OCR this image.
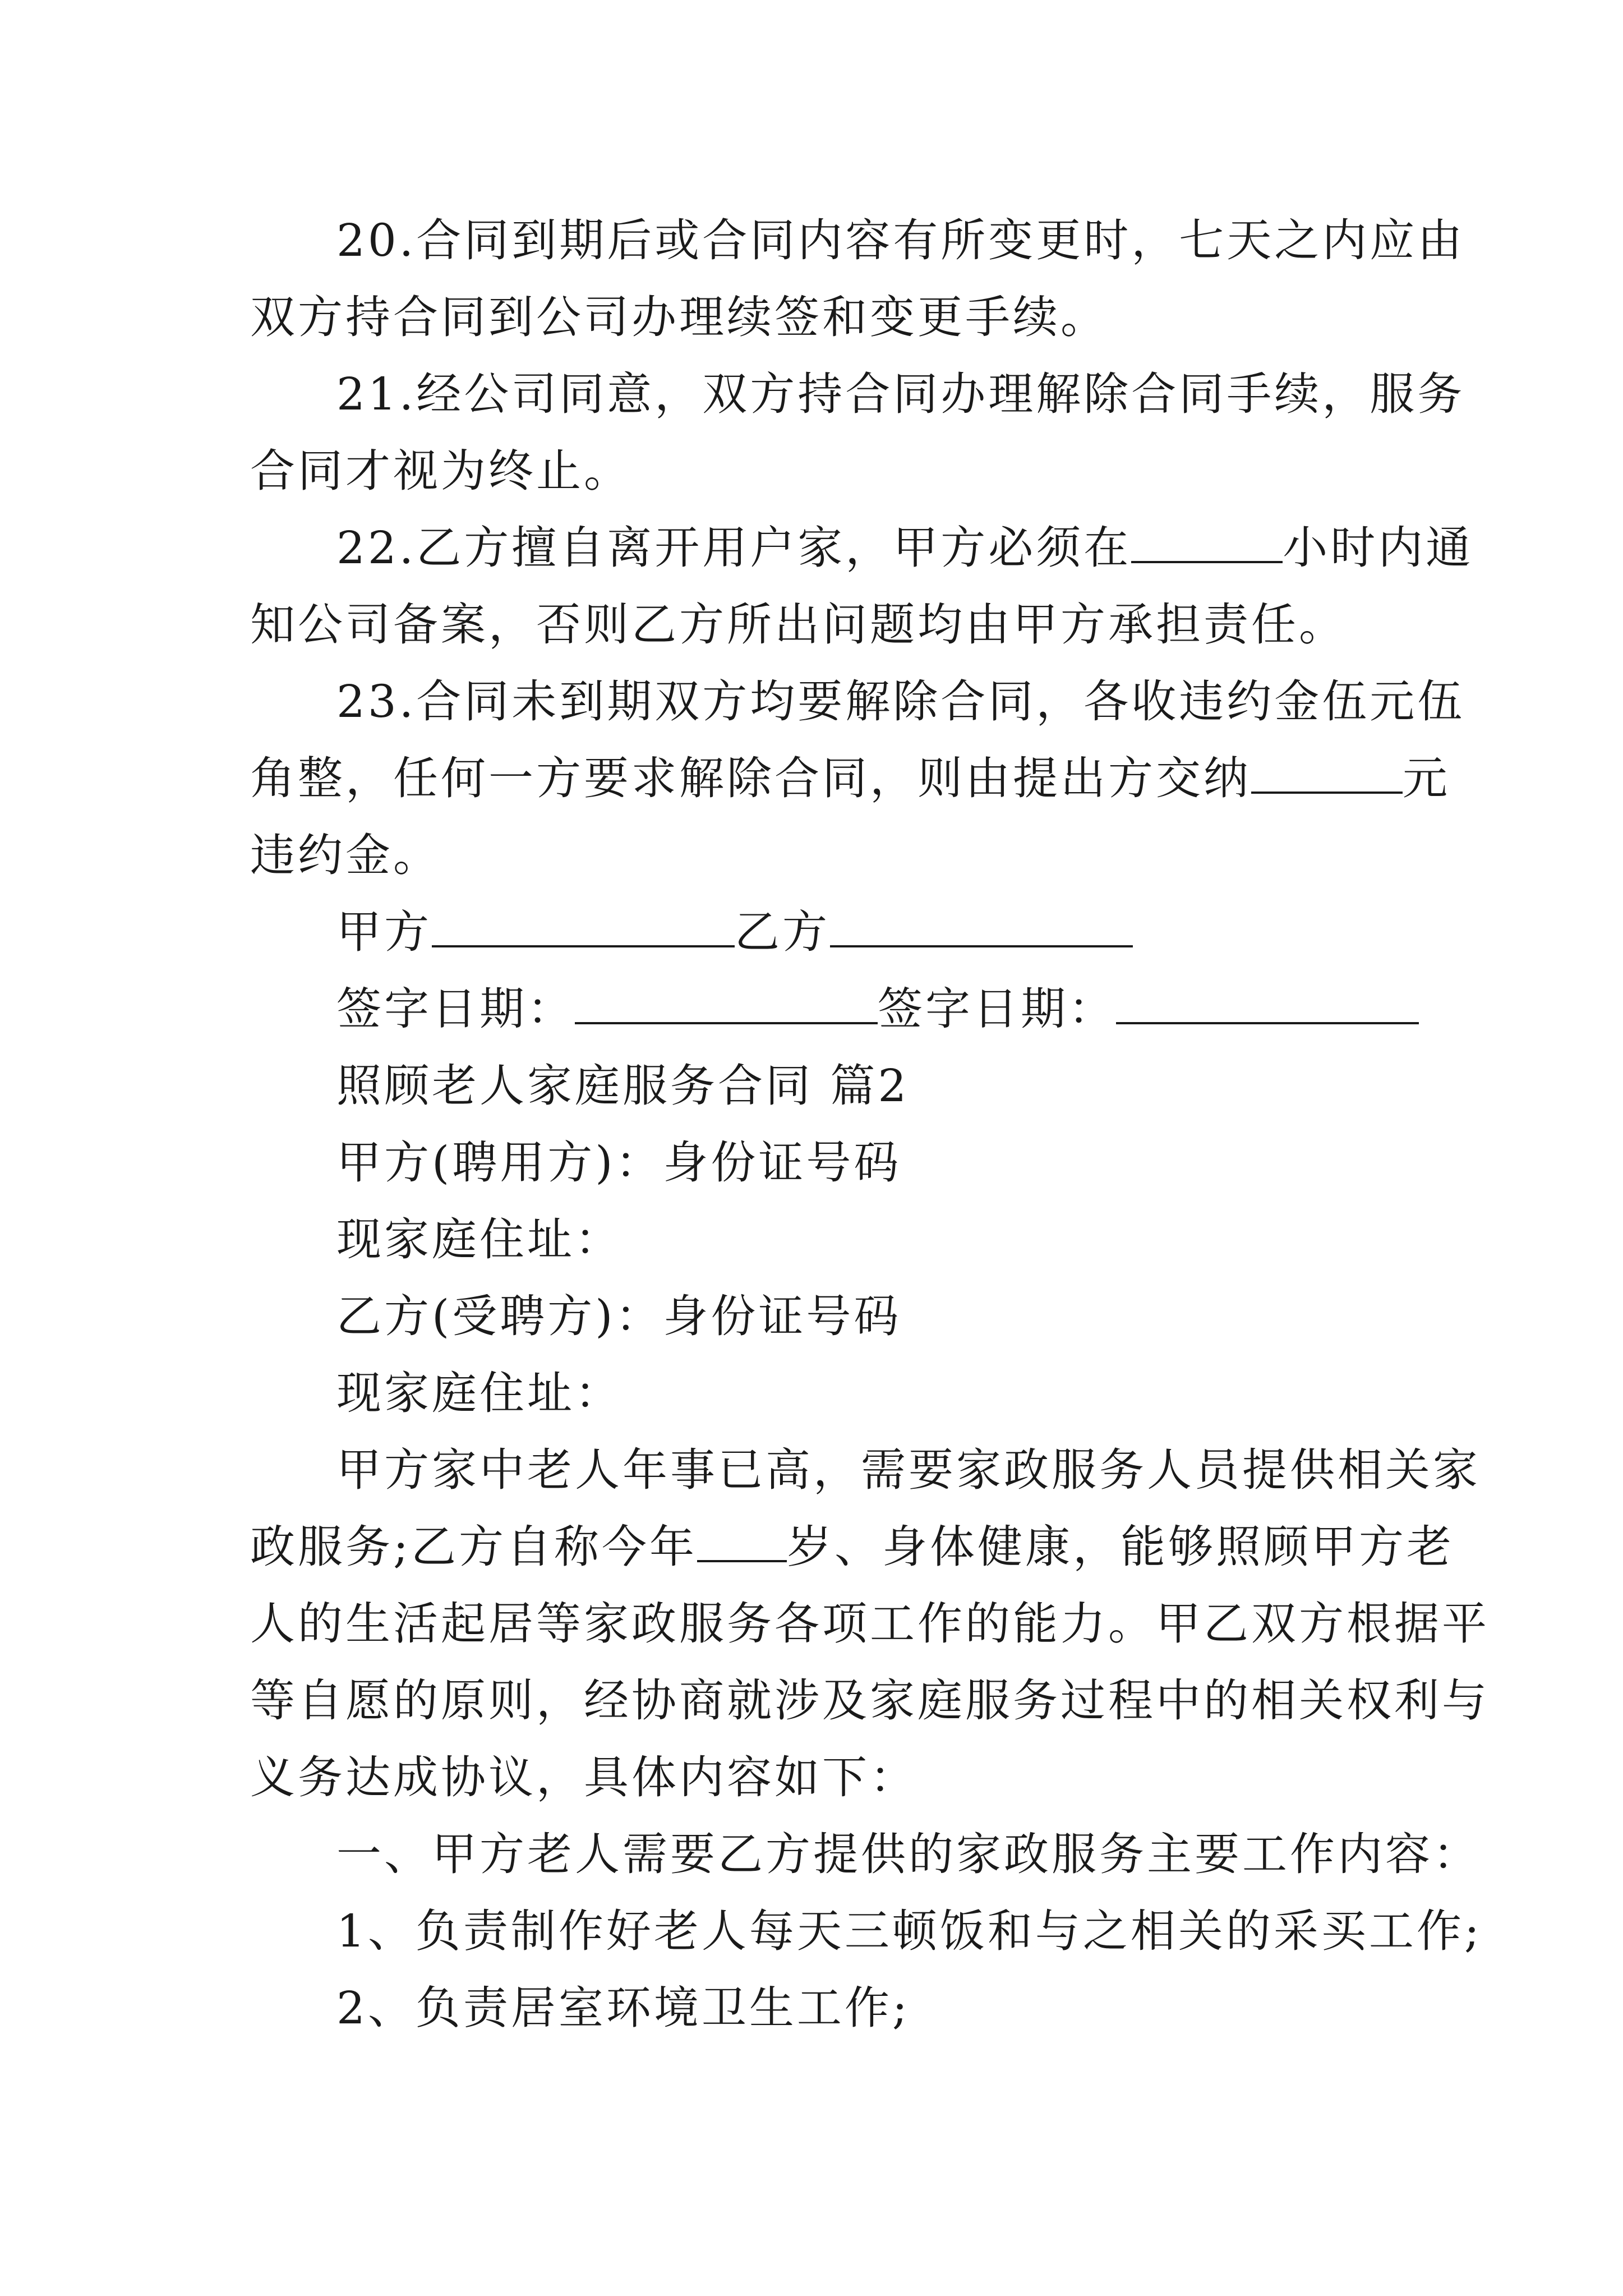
20.合同到期后或合同内容有所变更时，七天之内应由

双方持合同到公司办理续签和变更手续。

21.经公司同意，双方持合同办理解除合同手续，服务

合同才视为终止。

22.乙方擅自离开用户家，甲方必须在	小时内通

知公司备案，否则乙方所出问题均由甲方承担责任。

23.合同未到期双方均要解除合同，各收违约金伍元伍

角整，任何一方要求解除合同，则由提出方交纳	元

违约金。

甲方	乙方

签字日期：	签字日期：

照顾老人家庭服务合同 篇2

甲方(聘用方)：身份证号码

现家庭住址：

乙方(受聘方)：身份证号码

现家庭住址：

甲方家中老人年事已高，需要家政服务人员提供相关家

政服务;乙方自称今年 岁、身体健康，能够照顾甲方老

人的生活起居等家政服务各项工作的能力。甲乙双方根据平

等自愿的原则，经协商就涉及家庭服务过程中的相关权利与

义务达成协议，具体内容如下：

一、甲方老人需要乙方提供的家政服务主要工作内容：

1、负责制作好老人每天三顿饭和与之相关的采买工作;

2、负责居室环境卫生工作;
